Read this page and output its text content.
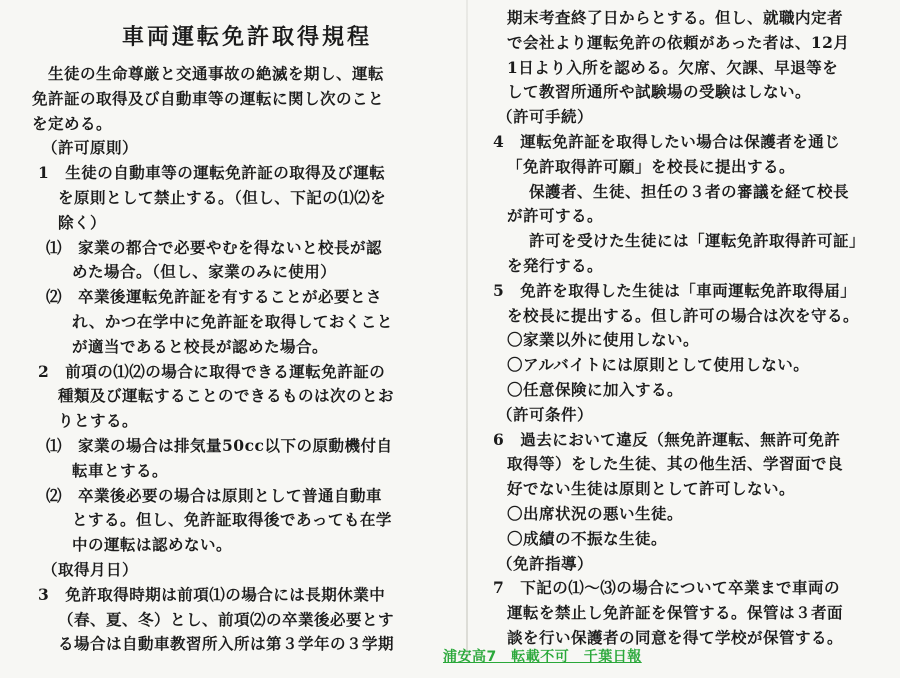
車両運転免許取得規程
　生徒の生命尊厳と交通事故の絶滅を期し、運転
免許証の取得及び自動車等の運転に関し次のこと
を定める。
（許可原則）
1　生徒の自動車等の運転免許証の取得及び運転
を原則として禁止する。（但し、下記の⑴⑵を
除く）
⑴　家業の都合で必要やむを得ないと校長が認
めた場合。（但し、家業のみに使用）
⑵　卒業後運転免許証を有することが必要とさ
れ、かつ在学中に免許証を取得しておくこと
が適当であると校長が認めた場合。
2　前項の⑴⑵の場合に取得できる運転免許証の
種類及び運転することのできるものは次のとお
りとする。
⑴　家業の場合は排気量50cc以下の原動機付自
転車とする。
⑵　卒業後必要の場合は原則として普通自動車
とする。但し、免許証取得後であっても在学
中の運転は認めない。
（取得月日）
3　免許取得時期は前項⑴の場合には長期休業中
（春、夏、冬）とし、前項⑵の卒業後必要とす
る場合は自動車教習所入所は第３学年の３学期
期末考査終了日からとする。但し、就職内定者
で会社より運転免許の依頼があった者は、12月
1日より入所を認める。欠席、欠課、早退等を
して教習所通所や試験場の受験はしない。
（許可手続）
4　運転免許証を取得したい場合は保護者を通じ
「免許取得許可願」を校長に提出する。
保護者、生徒、担任の３者の審議を経て校長
が許可する。
許可を受けた生徒には「運転免許取得許可証」
を発行する。
5　免許を取得した生徒は「車両運転免許取得届」
を校長に提出する。但し許可の場合は次を守る。
〇家業以外に使用しない。
〇アルバイトには原則として使用しない。
〇任意保険に加入する。
（許可条件）
6　過去において違反（無免許運転、無許可免許
取得等）をした生徒、其の他生活、学習面で良
好でない生徒は原則として許可しない。
〇出席状況の悪い生徒。
〇成績の不振な生徒。
（免許指導）
7　下記の⑴〜⑶の場合について卒業まで車両の
運転を禁止し免許証を保管する。保管は３者面
談を行い保護者の同意を得て学校が保管する。
浦安高7　転載不可　千葉日報
